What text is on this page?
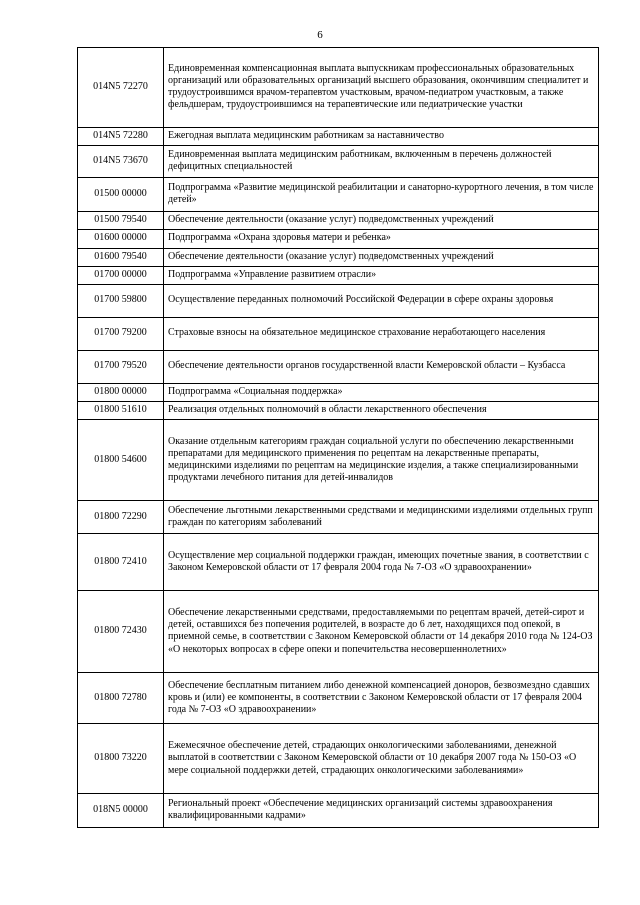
6
014N5 72270	Единовременная компенсационная выплата выпускникам профессиональных образовательных организаций или образовательных организаций высшего образования, окончившим специалитет и трудоустроившимся врачом-терапевтом участковым, врачом-педиатром участковым, а также фельдшерам, трудоустроившимся на терапевтические или педиатрические участки
014N5 72280	Ежегодная выплата медицинским работникам за наставничество
014N5 73670	Единовременная выплата медицинским работникам, включенным в перечень должностей дефицитных специальностей
01500 00000	Подпрограмма «Развитие медицинской реабилитации и санаторно-курортного лечения, в том числе детей»
01500 79540	Обеспечение деятельности (оказание услуг) подведомственных учреждений
01600 00000	Подпрограмма «Охрана здоровья матери и ребенка»
01600 79540	Обеспечение деятельности (оказание услуг) подведомственных учреждений
01700 00000	Подпрограмма «Управление развитием отрасли»
01700 59800	Осуществление переданных полномочий Российской Федерации в сфере охраны здоровья
01700 79200	Страховые взносы на обязательное медицинское страхование неработающего населения
01700 79520	Обеспечение деятельности органов государственной власти Кемеровской области – Кузбасса
01800 00000	Подпрограмма «Социальная поддержка»
01800 51610	Реализация отдельных полномочий в области лекарственного обеспечения
01800 54600	Оказание отдельным категориям граждан социальной услуги по обеспечению лекарственными препаратами для медицинского применения по рецептам на лекарственные препараты, медицинскими изделиями по рецептам на медицинские изделия, а также специализированными продуктами лечебного питания для детей-инвалидов
01800 72290	Обеспечение льготными лекарственными средствами и медицинскими изделиями отдельных групп граждан по категориям заболеваний
01800 72410	Осуществление мер социальной поддержки граждан, имеющих почетные звания, в соответствии с Законом Кемеровской области от 17 февраля 2004 года № 7-ОЗ «О здравоохранении»
01800 72430	Обеспечение лекарственными средствами, предоставляемыми по рецептам врачей, детей-сирот и детей, оставшихся без попечения родителей, в возрасте до 6 лет, находящихся под опекой, в приемной семье, в соответствии с Законом Кемеровской области от 14 декабря 2010 года № 124-ОЗ «О некоторых вопросах в сфере опеки и попечительства несовершеннолетних»
01800 72780	Обеспечение бесплатным питанием либо денежной компенсацией доноров, безвозмездно сдавших кровь и (или) ее компоненты, в соответствии с Законом Кемеровской области от 17 февраля 2004 года № 7-ОЗ «О здравоохранении»
01800 73220	Ежемесячное обеспечение детей, страдающих онкологическими заболеваниями, денежной выплатой в соответствии с Законом Кемеровской области от 10 декабря 2007 года № 150-ОЗ «О мере социальной поддержки детей, страдающих онкологическими заболеваниями»
018N5 00000	Региональный проект «Обеспечение медицинских организаций системы здравоохранения квалифицированными кадрами»
